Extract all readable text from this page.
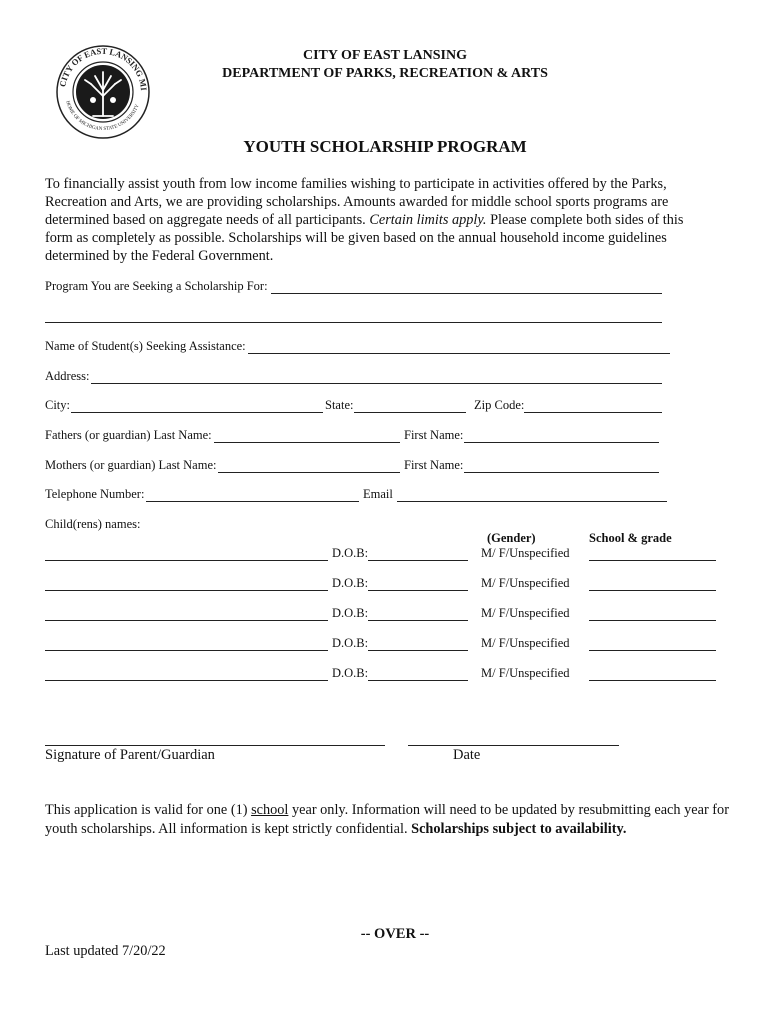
CITY OF EAST LANSING MI
HOME OF MICHIGAN STATE UNIVERSITY
CITY OF EAST LANSING
DEPARTMENT OF PARKS, RECREATION & ARTS
YOUTH SCHOLARSHIP PROGRAM
To financially assist youth from low income families wishing to participate in activities offered by the Parks, Recreation and Arts, we are providing scholarships. Amounts awarded for middle school sports programs are determined based on aggregate needs of all participants. Certain limits apply. Please complete both sides of this form as completely as possible. Scholarships will be given based on the annual household income guidelines determined by the Federal Government.
Program You are Seeking a Scholarship For:
Name of Student(s) Seeking Assistance:
Address:
City:	State:	Zip Code:
Fathers (or guardian) Last Name:	First Name:
Mothers (or guardian) Last Name:	First Name:
Telephone Number:	Email
Child(rens) names:
(Gender)	School & grade
D.O.B:	M/ F/Unspecified
D.O.B:	M/ F/Unspecified
D.O.B:	M/ F/Unspecified
D.O.B:	M/ F/Unspecified
D.O.B:	M/ F/Unspecified
Signature of Parent/Guardian	Date
This application is valid for one (1) school year only. Information will need to be updated by resubmitting each year for youth scholarships. All information is kept strictly confidential. Scholarships subject to availability.
-- OVER --
Last updated 7/20/22
